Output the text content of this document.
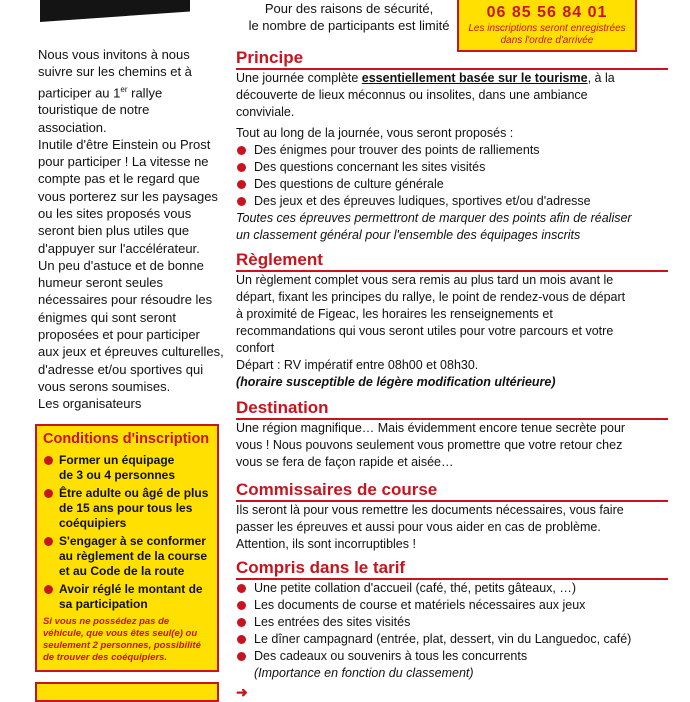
Pour des raisons de sécurité,
le nombre de participants est limité
06 85 56 84 01
Les inscriptions seront enregistrées
dans l'ordre d'arrivée
Nous vous invitons à nous
suivre sur les chemins et à
participer au 1er rallye
touristique de notre
association.
Inutile d'être Einstein ou Prost
pour participer ! La vitesse ne
compte pas et le regard que
vous porterez sur les paysages
ou les sites proposés vous
seront bien plus utiles que
d'appuyer sur l'accélérateur.
Un peu d'astuce et de bonne
humeur seront seules
nécessaires pour résoudre les
énigmes qui sont seront
proposées et pour participer
aux jeux et épreuves culturelles,
d'adresse et/ou sportives qui
vous serons soumises.
Les organisateurs
Conditions d'inscription
Former un équipage
de 3 ou 4 personnes
Être adulte ou âgé de plus
de 15 ans pour tous les
coéquipiers
S'engager à se conformer
au règlement de la course
et au Code de la route
Avoir réglé le montant de
sa participation
Si vous ne possédez pas de
véhicule, que vous êtes seul(e) ou
seulement 2 personnes, possibilité
de trouver des coéquipiers.
Principe

Une journée complète essentiellement basée sur le tourisme, à la

découverte de lieux méconnus ou insolites, dans une ambiance

conviviale.

Tout au long de la journée, vous seront proposés :

Des énigmes pour trouver des points de ralliements
Des questions concernant les sites visités
Des questions de culture générale
Des jeux et des épreuves ludiques, sportives et/ou d'adresse

Toutes ces épreuves permettront de marquer des points afin de réaliser

un classement général pour l'ensemble des équipages inscrits

Règlement

Un règlement complet vous sera remis au plus tard un mois avant le

départ, fixant les principes du rallye, le point de rendez-vous de départ

à proximité de Figeac, les horaires les renseignements et

recommandations qui vous seront utiles pour votre parcours et votre

confort

Départ : RV impératif entre 08h00 et 08h30.

(horaire susceptible de légère modification ultérieure)

Destination

Une région magnifique… Mais évidemment encore tenue secrète pour

vous ! Nous pouvons seulement vous promettre que votre retour chez

vous se fera de façon rapide et aisée…

Commissaires de course

Ils seront là pour vous remettre les documents nécessaires, vous faire

passer les épreuves et aussi pour vous aider en cas de problème.

Attention, ils sont incorruptibles !

Compris dans le tarif
Une petite collation d'accueil (café, thé, petits gâteaux, …)
Les documents de course et matériels nécessaires aux jeux
Les entrées des sites visités
Le dîner campagnard (entrée, plat, dessert, vin du Languedoc, café)
Des cadeaux ou souvenirs à tous les concurrents
(Importance en fonction du classement)
➜
